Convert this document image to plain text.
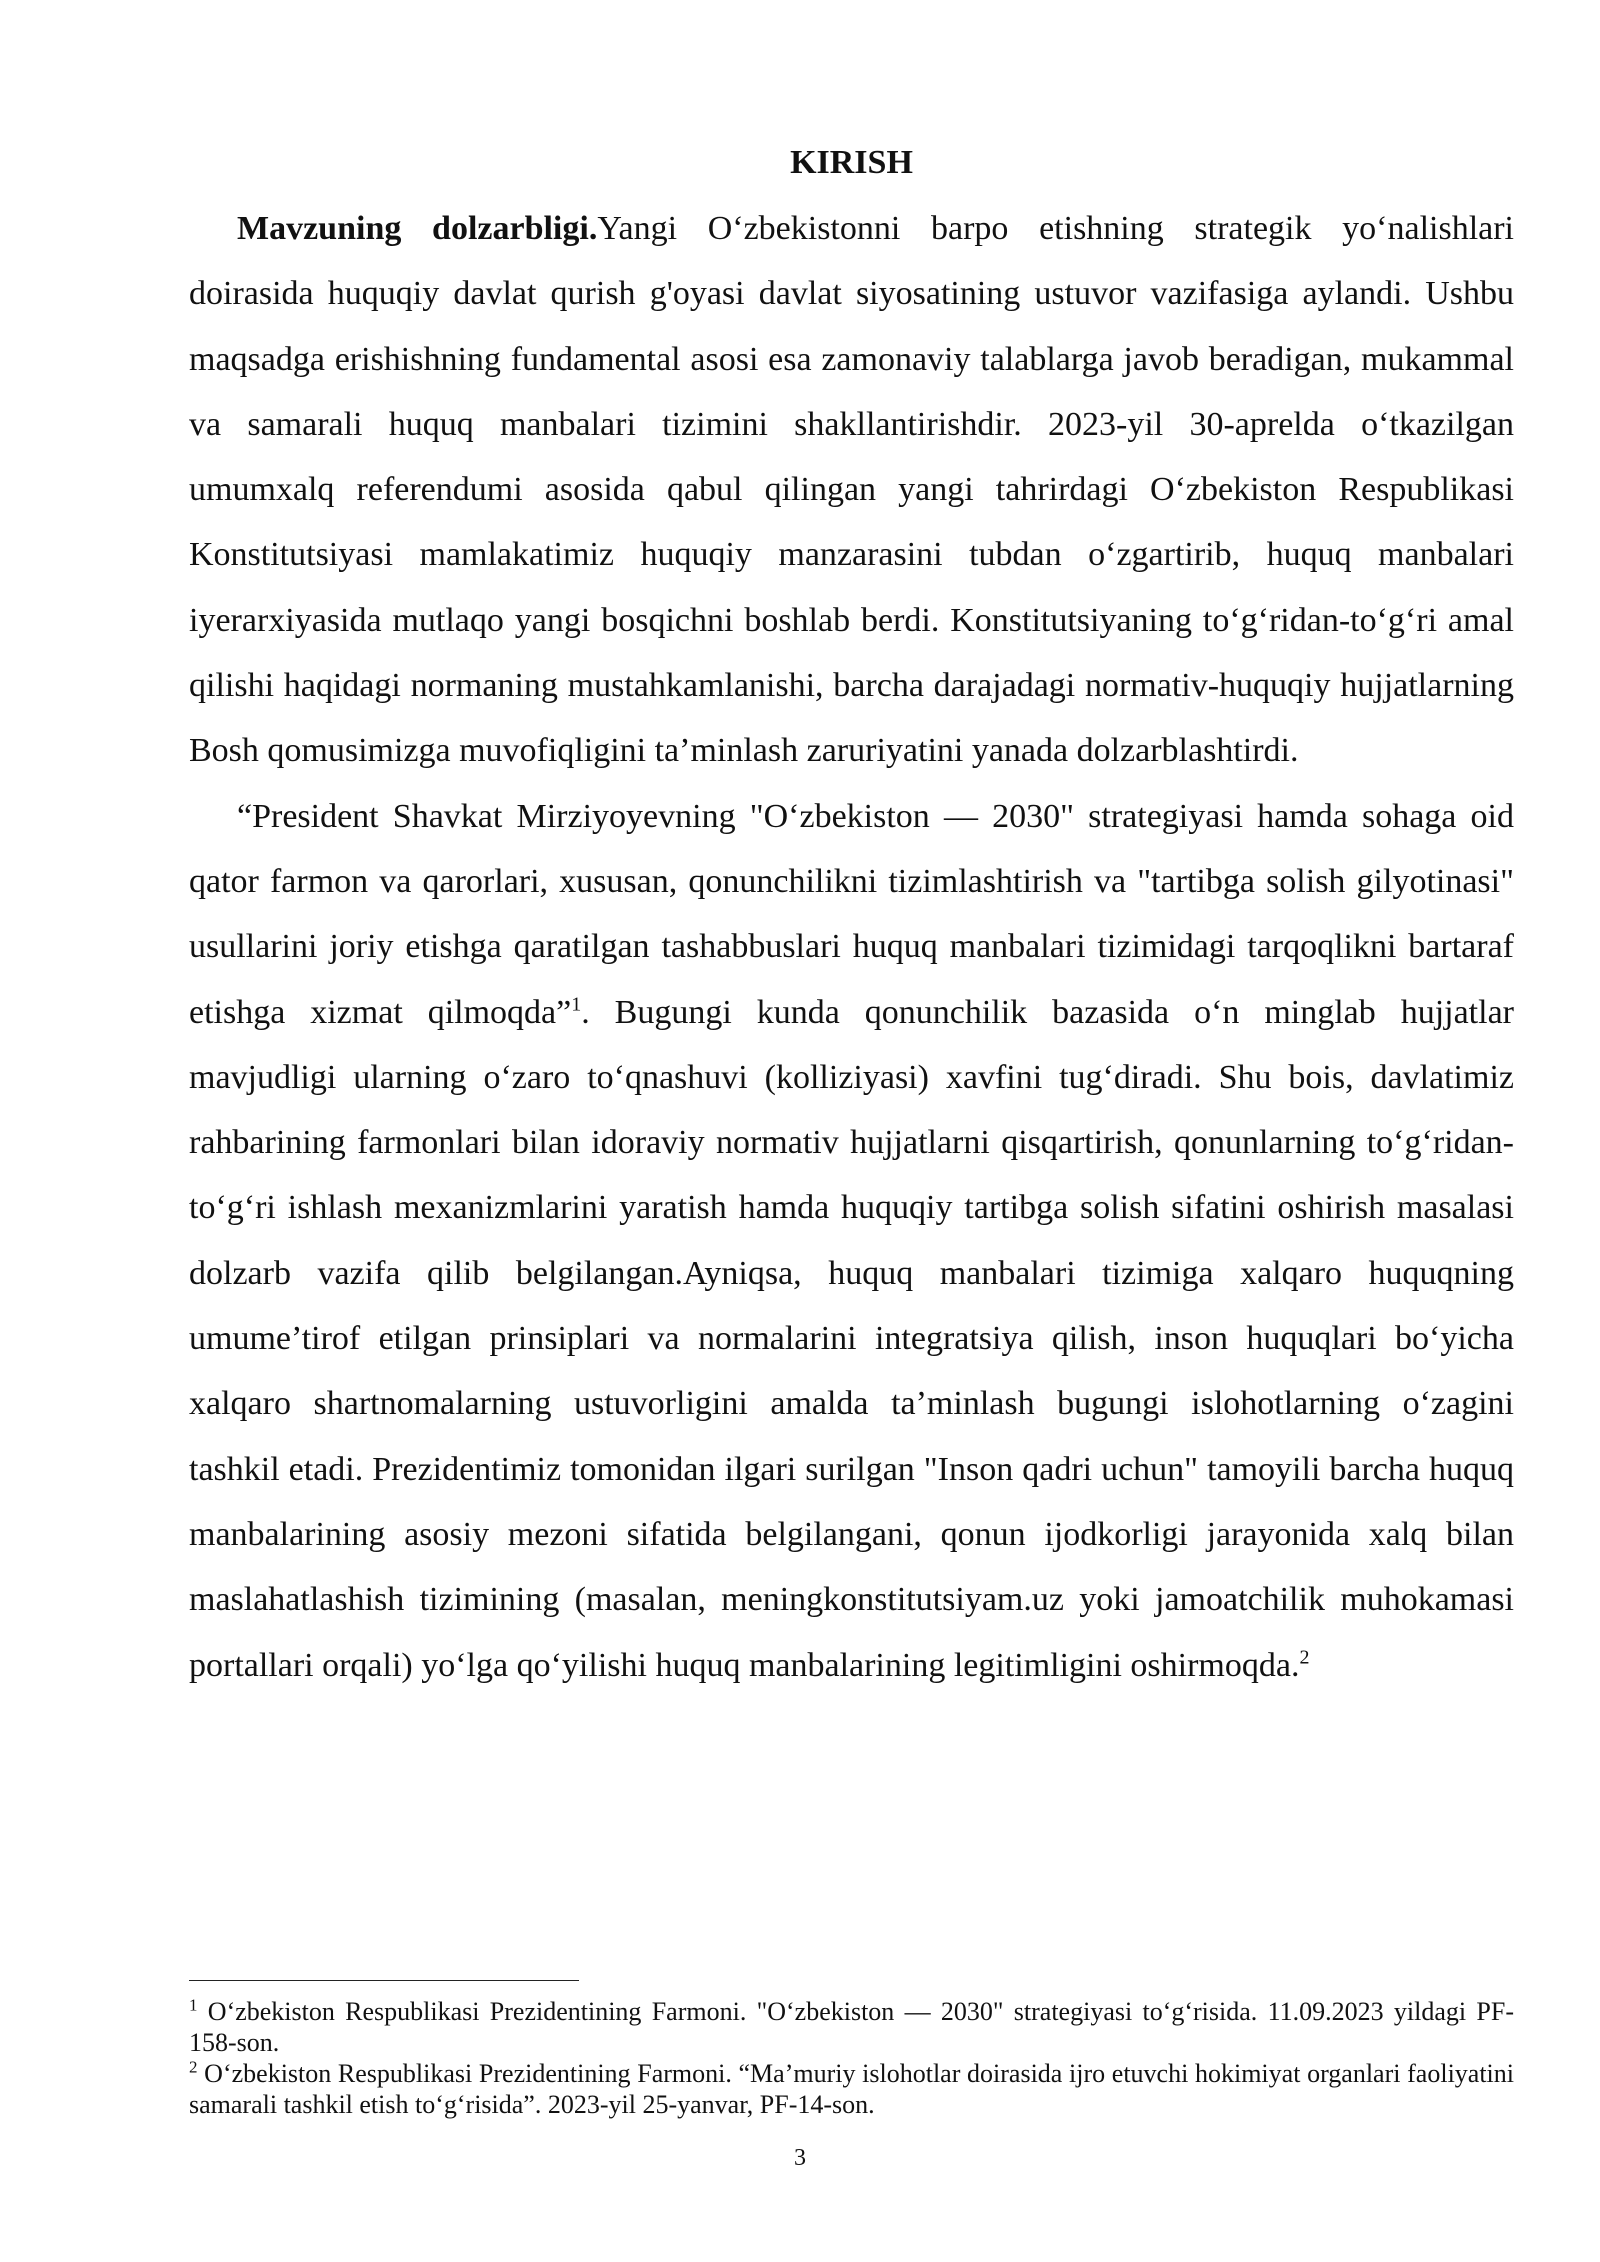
KIRISH

Mavzuning dolzarbligi.Yangi O‘zbekistonni barpo etishning strategik yo‘nalishlari doirasida huquqiy davlat qurish g'oyasi davlat siyosatining ustuvor vazifasiga aylandi. Ushbu maqsadga erishishning fundamental asosi esa zamonaviy talablarga javob beradigan, mukammal va samarali huquq manbalari tizimini shakllantirishdir. 2023-yil 30-aprelda o‘tkazilgan umumxalq referendumi asosida qabul qilingan yangi tahrirdagi O‘zbekiston Respublikasi Konstitutsiyasi mamlakatimiz huquqiy manzarasini tubdan o‘zgartirib, huquq manbalari iyerarxiyasida mutlaqo yangi bosqichni boshlab berdi. Konstitutsiyaning to‘g‘ridan-to‘g‘ri amal qilishi haqidagi normaning mustahkamlanishi, barcha darajadagi normativ-huquqiy hujjatlarning Bosh qomusimizga muvofiqligini ta’minlash zaruriyatini yanada dolzarblashtirdi.

“President Shavkat Mirziyoyevning "O‘zbekiston — 2030" strategiyasi hamda sohaga oid qator farmon va qarorlari, xususan, qonunchilikni tizimlashtirish va "tartibga solish gilyotinasi" usullarini joriy etishga qaratilgan tashabbuslari huquq manbalari tizimidagi tarqoqlikni bartaraf etishga xizmat qilmoqda”$^1$. Bugungi kunda qonunchilik bazasida o‘n minglab hujjatlar mavjudligi ularning o‘zaro to‘qnashuvi (kolliziyasi) xavfini tug‘diradi. Shu bois, davlatimiz rahbarining farmonlari bilan idoraviy normativ hujjatlarni qisqartirish, qonunlarning to‘g‘ridan-to‘g‘ri ishlash mexanizmlarini yaratish hamda huquqiy tartibga solish sifatini oshirish masalasi dolzarb vazifa qilib belgilangan.Ayniqsa, huquq manbalari tizimiga xalqaro huquqning umume’tirof etilgan prinsiplari va normalarini integratsiya qilish, inson huquqlari bo‘yicha xalqaro shartnomalarning ustuvorligini amalda ta’minlash bugungi islohotlarning o‘zagini tashkil etadi. Prezidentimiz tomonidan ilgari surilgan "Inson qadri uchun" tamoyili barcha huquq manbalarining asosiy mezoni sifatida belgilangani, qonun ijodkorligi jarayonida xalq bilan maslahatlashish tizimining (masalan, meningkonstitutsiyam.uz yoki jamoatchilik muhokamasi portallari orqali) yo‘lga qo‘yilishi huquq manbalarining legitimligini oshirmoqda.$^2$

$^1$ O‘zbekiston Respublikasi Prezidentining Farmoni. "O‘zbekiston — 2030" strategiyasi to‘g‘risida. 11.09.2023 yildagi PF-158-son.

$^2$ O‘zbekiston Respublikasi Prezidentining Farmoni. “Ma’muriy islohotlar doirasida ijro etuvchi hokimiyat organlari faoliyatini samarali tashkil etish to‘g‘risida”. 2023-yil 25-yanvar, PF-14-son.

3
